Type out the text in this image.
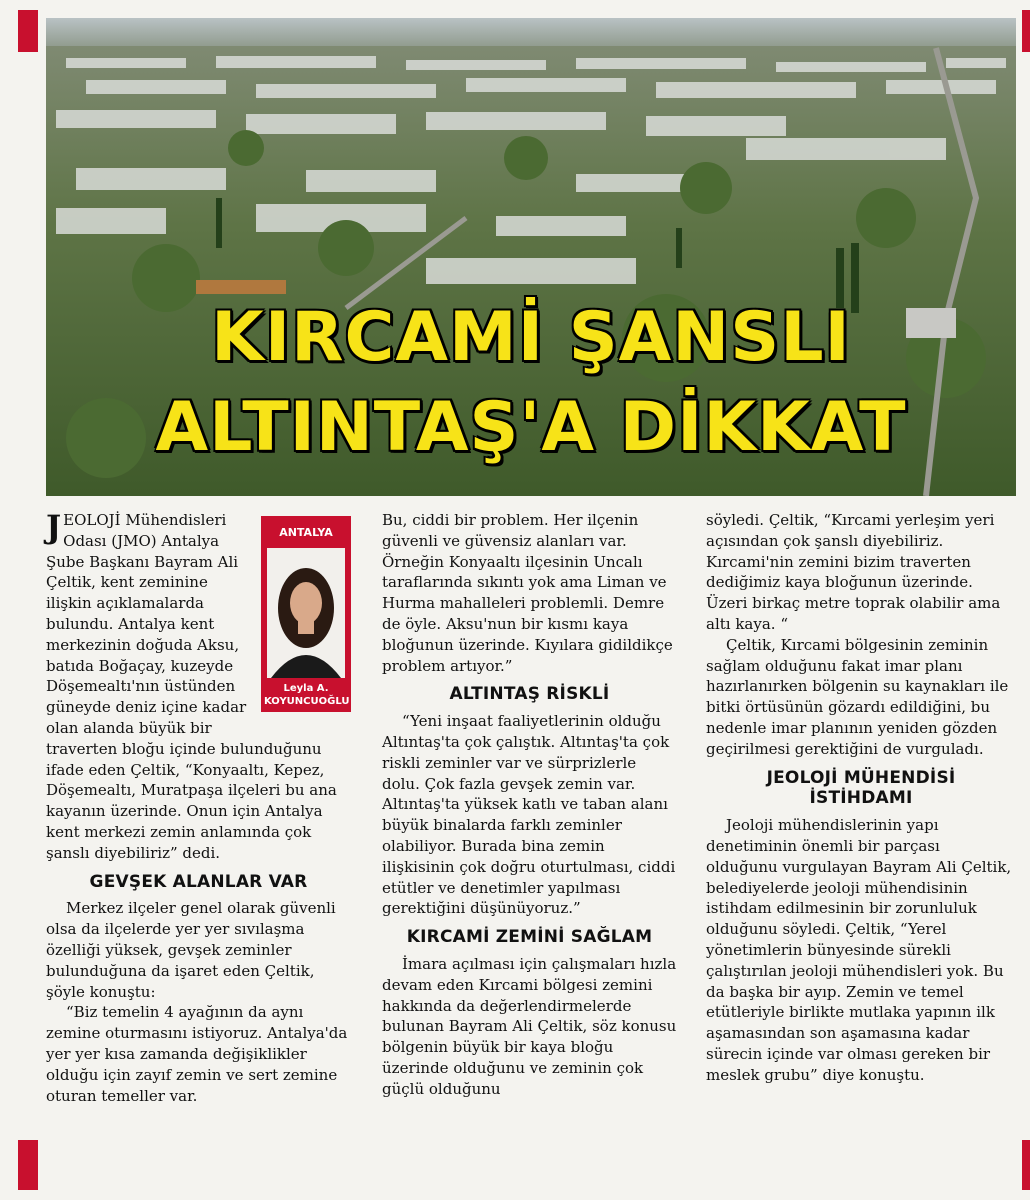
KIRCAMİ ŞANSLI
ALTINTAŞ'A DİKKAT
ANTALYA
Leyla A.
KOYUNCUOĞLU

JEOLOJİ Mühendisleri Odası (JMO) Antalya Şube Başkanı Bayram Ali Çeltik, kent zeminine ilişkin açıklamalarda bulundu. Antalya kent merkezinin doğuda Aksu, batıda Boğaçay, kuzeyde Döşemealtı'nın üstünden güneyde deniz içine kadar olan alanda büyük bir traverten bloğu içinde bulunduğunu ifade eden Çeltik, “Konyaaltı, Kepez, Döşemealtı, Muratpaşa ilçeleri bu ana kayanın üzerinde. Onun için Antalya kent merkezi zemin anlamında çok şanslı diyebiliriz” dedi.

GEVŞEK ALANLAR VAR

Merkez ilçeler genel olarak güvenli olsa da ilçelerde yer yer sıvılaşma özelliği yüksek, gevşek zeminler bulunduğuna da işaret eden Çeltik, şöyle konuştu:

“Biz temelin 4 ayağının da aynı zemine oturmasını istiyoruz. Antalya'da yer yer kısa zamanda değişiklikler olduğu için zayıf zemin ve sert zemine oturan temeller var.

Bu, ciddi bir problem. Her ilçenin güvenli ve güvensiz alanları var. Örneğin Konyaaltı ilçesinin Uncalı taraflarında sıkıntı yok ama Liman ve Hurma mahalleleri problemli. Demre de öyle. Aksu'nun bir kısmı kaya bloğunun üzerinde. Kıyılara gidildikçe problem artıyor.”

ALTINTAŞ RİSKLİ

“Yeni inşaat faaliyetlerinin olduğu Altıntaş'ta çok çalıştık. Altıntaş'ta çok riskli zeminler var ve sürprizlerle dolu. Çok fazla gevşek zemin var. Altıntaş'ta yüksek katlı ve taban alanı büyük binalarda farklı zeminler olabiliyor. Burada bina zemin ilişkisinin çok doğru oturtulması, ciddi etütler ve denetimler yapılması gerektiğini düşünüyoruz.”

KIRCAMİ ZEMİNİ SAĞLAM

İmara açılması için çalışmaları hızla devam eden Kırcami bölgesi zemini hakkında da değerlendirmelerde bulunan Bayram Ali Çeltik, söz konusu bölgenin büyük bir kaya bloğu üzerinde olduğunu ve zeminin çok güçlü olduğunu

söyledi. Çeltik, “Kırcami yerleşim yeri açısından çok şanslı diyebiliriz. Kırcami'nin zemini bizim traverten dediğimiz kaya bloğunun üzerinde. Üzeri birkaç metre toprak olabilir ama altı kaya. “

Çeltik, Kırcami bölgesinin zeminin sağlam olduğunu fakat imar planı hazırlanırken bölgenin su kaynakları ile bitki örtüsünün gözardı edildiğini, bu nedenle imar planının yeniden gözden geçirilmesi gerektiğini de vurguladı.

JEOLOJİ MÜHENDİSİ
İSTİHDAMI

Jeoloji mühendislerinin yapı denetiminin önemli bir parçası olduğunu vurgulayan Bayram Ali Çeltik, belediyelerde jeoloji mühendisinin istihdam edilmesinin bir zorunluluk olduğunu söyledi. Çeltik, “Yerel yönetimlerin bünyesinde sürekli çalıştırılan jeoloji mühendisleri yok. Bu da başka bir ayıp. Zemin ve temel etütleriyle birlikte mutlaka yapının ilk aşamasından son aşamasına kadar sürecin içinde var olması gereken bir meslek grubu” diye konuştu.
